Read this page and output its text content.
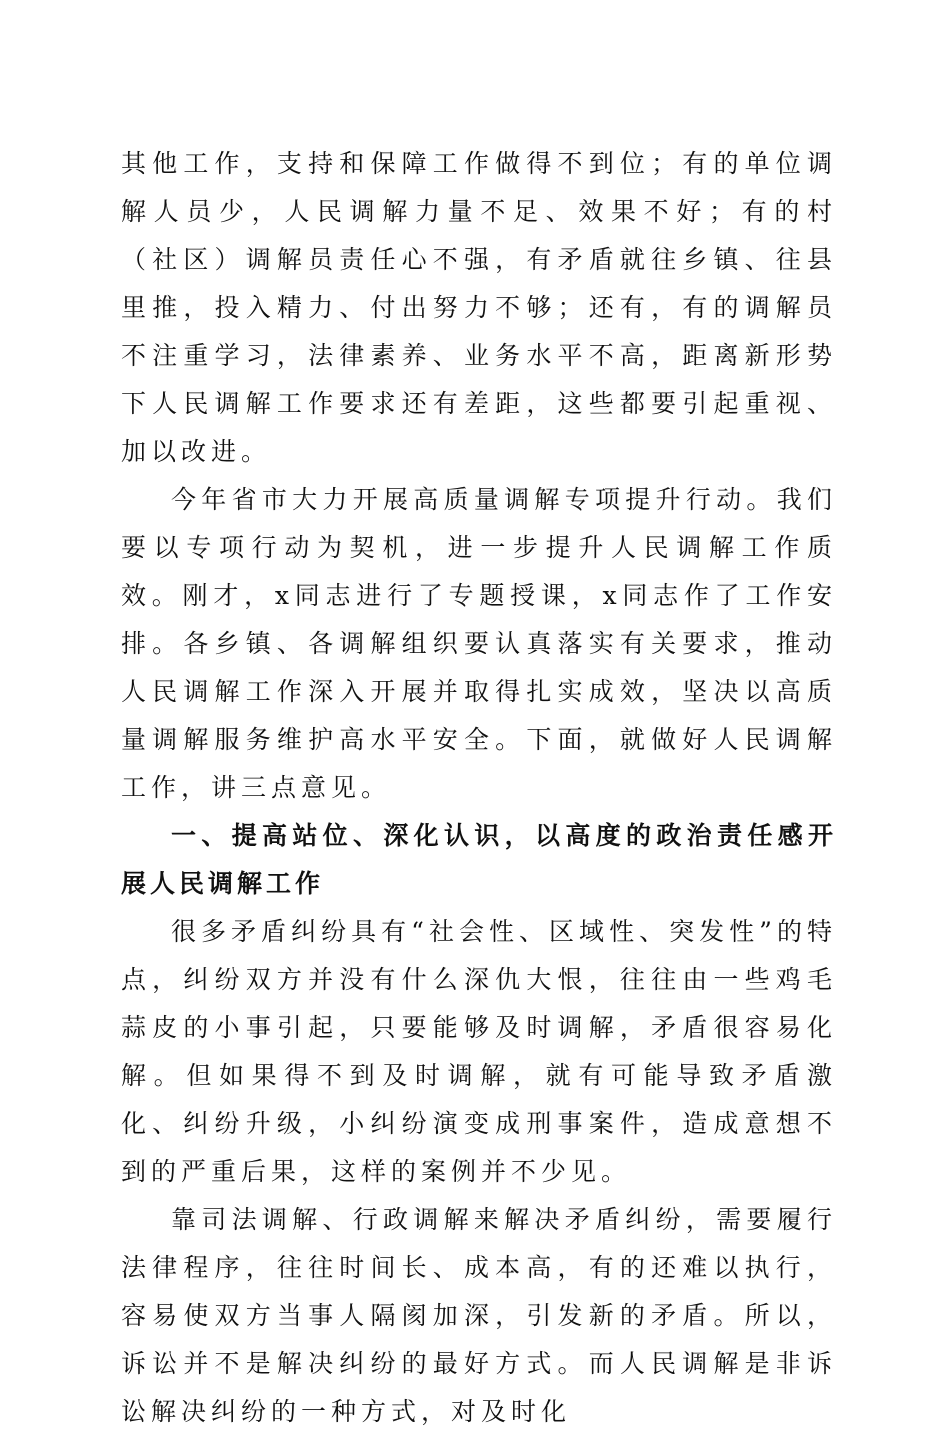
其他工作，支持和保障工作做得不到位；有的单位调解人员少，人民调解力量不足、效果不好；有的村（社区）调解员责任心不强，有矛盾就往乡镇、往县里推，投入精力、付出努力不够；还有，有的调解员不注重学习，法律素养、业务水平不高，距离新形势下人民调解工作要求还有差距，这些都要引起重视、加以改进。

今年省市大力开展高质量调解专项提升行动。我们要以专项行动为契机，进一步提升人民调解工作质效。刚才，x同志进行了专题授课，x同志作了工作安排。各乡镇、各调解组织要认真落实有关要求，推动人民调解工作深入开展并取得扎实成效，坚决以高质量调解服务维护高水平安全。下面，就做好人民调解工作，讲三点意见。

一、提高站位、深化认识，以高度的政治责任感开展人民调解工作

很多矛盾纠纷具有“社会性、区域性、突发性”的特点，纠纷双方并没有什么深仇大恨，往往由一些鸡毛蒜皮的小事引起，只要能够及时调解，矛盾很容易化解。但如果得不到及时调解，就有可能导致矛盾激化、纠纷升级，小纠纷演变成刑事案件，造成意想不到的严重后果，这样的案例并不少见。

靠司法调解、行政调解来解决矛盾纠纷，需要履行法律程序，往往时间长、成本高，有的还难以执行，容易使双方当事人隔阂加深，引发新的矛盾。所以，诉讼并不是解决纠纷的最好方式。而人民调解是非诉讼解决纠纷的一种方式，对及时化
